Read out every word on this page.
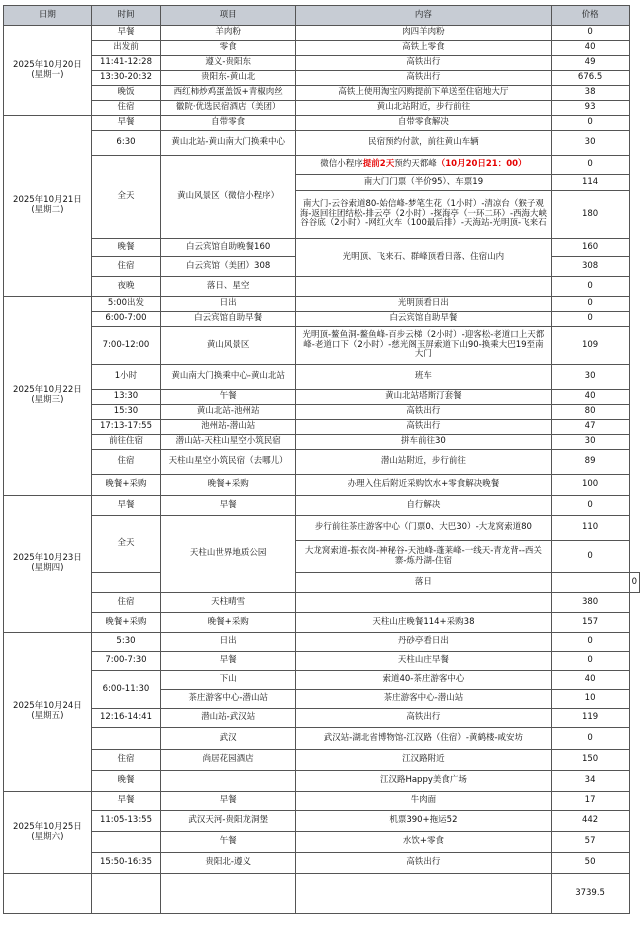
日期	时间	项目	内容	价格	
2025年10月20日
(星期一)	早餐	羊肉粉	肉四羊肉粉	0	
	出发前	零食	高铁上零食	40	
	11:41-12:28	遵义-贵阳东	高铁出行	49	
	13:30-20:32	贵阳东-黄山北	高铁出行	676.5	
	晚饭	西红柿炒鸡蛋盖饭+青椒肉丝	高铁上使用淘宝闪购提前下单送至住宿地大厅	38	
	住宿	徽院·优选民宿酒店（美团）	黄山北站附近，步行前往	93	
2025年10月21日
(星期二)	早餐	自带零食	自带零食解决	0	
	6:30	黄山北站-黄山南大门换乘中心	民宿预约付款，前往黄山车辆	30	
	全天	黄山风景区（微信小程序）	微信小程序提前2天预约天都峰（10月20日21：00）	0	
			南大门门票（半价95）、车票19	114	
			南大门-云谷索道80-始信峰-梦笔生花（1小时）-清凉台（猴子观海-返回往团结松-排云亭（2小时）-探海亭（一环二环）-西海大峡谷谷底（2小时）-网红火车（100最后排）-天海站-光明顶-飞来石	180	
	晚餐	白云宾馆自助晚餐160	光明顶、飞来石、群峰顶看日落、住宿山内	160	
	住宿	白云宾馆（美团）308		308	
	夜晚	落日、星空		0	
2025年10月22日
(星期三)	5:00出发	日出	光明顶看日出	0	
	6:00-7:00	白云宾馆自助早餐	白云宾馆自助早餐	0	
	7:00-12:00	黄山风景区	光明顶-鳌鱼洞-鳌鱼峰-百步云梯（2小时）-迎客松-老道口上天都峰-老道口下（2小时）-慈光阁玉屏索道下山90-换乘大巴19至南大门	109	
	1小时	黄山南大门换乘中心-黄山北站	班车	30	
	13:30	午餐	黄山北站塔斯汀套餐	40	
	15:30	黄山北站-池州站	高铁出行	80	
	17:13-17:55	池州站-潜山站	高铁出行	47	
	前往住宿	潜山站-天柱山星空小筑民宿	拼车前往30	30	
	住宿	天柱山星空小筑民宿（去哪儿）	潜山站附近，步行前往	89	
	晚餐+采购	晚餐+采购	办理入住后附近采购饮水+零食解决晚餐	100	
2025年10月23日
(星期四)	早餐	早餐	自行解决	0	
	全天	天柱山世界地质公园	步行前往茶庄游客中心（门票0、大巴30）-大龙窝索道80	110	
			大龙窝索道-振衣岗-神秘谷-天池峰-蓬莱峰-一线天-青龙背--西关寨-炼丹湖-住宿	0	
			落日		0
	住宿	天柱晴雪		380	
	晚餐+采购	晚餐+采购	天柱山庄晚餐114+采购38	157	
2025年10月24日
(星期五)	5:30	日出	丹砂亭看日出	0	
	7:00-7:30	早餐	天柱山庄早餐	0	
	6:00-11:30	下山	索道40-茶庄游客中心	40	
		茶庄游客中心-潜山站	茶庄游客中心-潜山站	10	
	12:16-14:41	潜山站-武汉站	高铁出行	119	
		武汉	武汉站-湖北省博物馆-江汉路（住宿）-黄鹤楼-咸安坊	0	
	住宿	尚居花园酒店	江汉路附近	150	
	晚餐		江汉路Happy美食广场	34	
2025年10月25日
(星期六)	早餐	早餐	牛肉面	17	
	11:05-13:55	武汉天河-贵阳龙洞堡	机票390+拖运52	442	
		午餐	水饮+零食	57	
	15:50-16:35	贵阳北-遵义	高铁出行	50	
				3739.5	
